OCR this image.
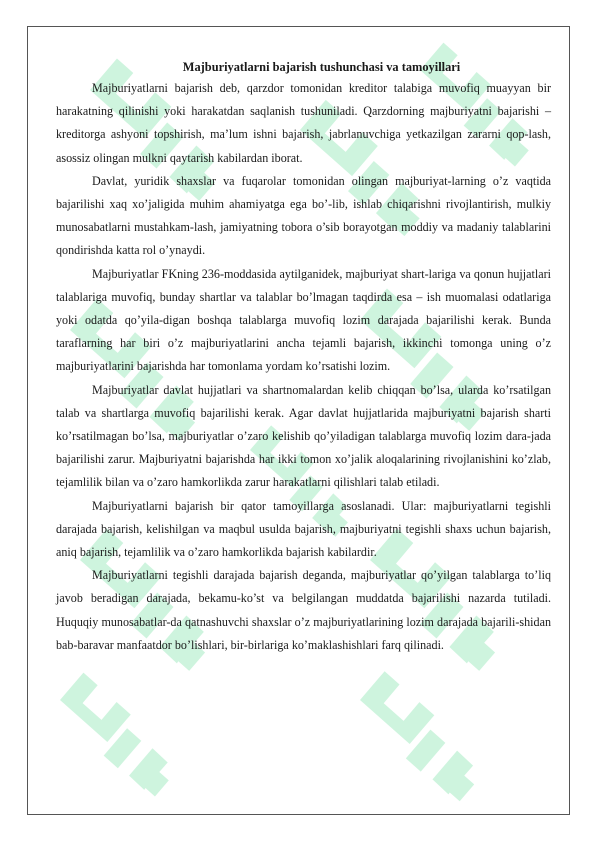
Majburiyatlarni bajarish tushunchasi va tamoyillari

Majburiyatlarni bajarish deb, qarzdor tomonidan kreditor talabiga muvofiq muayyan bir harakatning qilinishi yoki harakatdan saqlanish tushuniladi. Qarzdorning majburiyatni bajarishi – kreditorga ashyoni topshirish, ma’lum ishni bajarish, jabrlanuvchiga yetkazilgan zararni qop-lash, asossiz olingan mulkni qaytarish kabilardan iborat.

Davlat, yuridik shaxslar va fuqarolar tomonidan olingan majburiyat-larning o’z vaqtida bajarilishi xaq xo’jaligida muhim ahamiyatga ega bo’-lib, ishlab chiqarishni rivojlantirish, mulkiy munosabatlarni mustahkam-lash, jamiyatning tobora o’sib borayotgan moddiy va madaniy talablarini qondirishda katta rol o’ynaydi.

Majburiyatlar FKning 236-moddasida aytilganidek, majburiyat shart-lariga va qonun hujjatlari talablariga muvofiq, bunday shartlar va talablar bo’lmagan taqdirda esa – ish muomalasi odatlariga yoki odatda qo’yila-digan boshqa talablarga muvofiq lozim darajada bajarilishi kerak. Bunda taraflarning har biri o’z majburiyatlarini ancha tejamli bajarish, ikkinchi tomonga uning o’z majburiyatlarini bajarishda har tomonlama yordam ko’rsatishi lozim.

Majburiyatlar davlat hujjatlari va shartnomalardan kelib chiqqan bo’lsa, ularda ko’rsatilgan talab va shartlarga muvofiq bajarilishi kerak. Agar davlat hujjatlarida majburiyatni bajarish sharti ko’rsatilmagan bo’lsa, majburiyatlar o’zaro kelishib qo’yiladigan talablarga muvofiq lozim dara-jada bajarilishi zarur. Majburiyatni bajarishda har ikki tomon xo’jalik aloqalarining rivojlanishini ko’zlab, tejamlilik bilan va o’zaro hamkorlikda zarur harakatlarni qilishlari talab etiladi.

Majburiyatlarni bajarish bir qator tamoyillarga asoslanadi. Ular: majburiyatlarni tegishli darajada bajarish, kelishilgan va maqbul usulda bajarish, majburiyatni tegishli shaxs uchun bajarish, aniq bajarish, tejamlilik va o’zaro hamkorlikda bajarish kabilardir.

Majburiyatlarni tegishli darajada bajarish deganda, majburiyatlar qo’yilgan talablarga to’liq javob beradigan darajada, bekamu-ko’st va belgilangan muddatda bajarilishi nazarda tutiladi. Huquqiy munosabatlar-da qatnashuvchi shaxslar o’z majburiyatlarining lozim darajada bajarili-shidan bab-baravar manfaatdor bo’lishlari, bir-birlariga ko’maklashishlari farq qilinadi.
